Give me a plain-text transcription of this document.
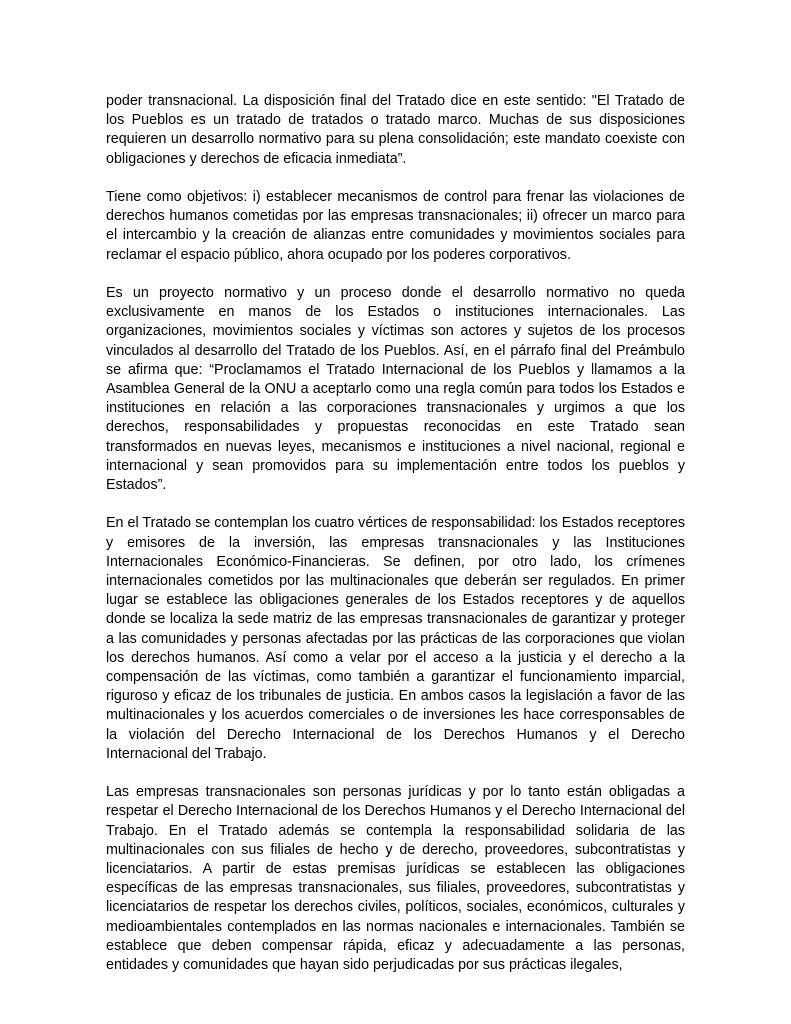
poder transnacional. La disposición final del Tratado dice en este sentido: "El Tratado de los Pueblos es un tratado de tratados o tratado marco. Muchas de sus disposiciones requieren un desarrollo normativo para su plena consolidación; este mandato coexiste con obligaciones y derechos de eficacia inmediata”.

Tiene como objetivos: i) establecer mecanismos de control para frenar las violaciones de derechos humanos cometidas por las empresas transnacionales; ii) ofrecer un marco para el intercambio y la creación de alianzas entre comunidades y movimientos sociales para reclamar el espacio público, ahora ocupado por los poderes corporativos.

Es un proyecto normativo y un proceso donde el desarrollo normativo no queda exclusivamente en manos de los Estados o instituciones internacionales. Las organizaciones, movimientos sociales y víctimas son actores y sujetos de los procesos vinculados al desarrollo del Tratado de los Pueblos. Así, en el párrafo final del Preámbulo se afirma que: “Proclamamos el Tratado Internacional de los Pueblos y llamamos a la Asamblea General de la ONU a aceptarlo como una regla común para todos los Estados e instituciones en relación a las corporaciones transnacionales y urgimos a que los derechos, responsabilidades y propuestas reconocidas en este Tratado sean transformados en nuevas leyes, mecanismos e instituciones a nivel nacional, regional e internacional y sean promovidos para su implementación entre todos los pueblos y Estados”.

En el Tratado se contemplan los cuatro vértices de responsabilidad: los Estados receptores y emisores de la inversión, las empresas transnacionales y las Instituciones Internacionales Económico-Financieras. Se definen, por otro lado, los crímenes internacionales cometidos por las multinacionales que deberán ser regulados. En primer lugar se establece las obligaciones generales de los Estados receptores y de aquellos donde se localiza la sede matriz de las empresas transnacionales de garantizar y proteger a las comunidades y personas afectadas por las prácticas de las corporaciones que violan los derechos humanos. Así como a velar por el acceso a la justicia y el derecho a la compensación de las víctimas, como también a garantizar el funcionamiento imparcial, riguroso y eficaz de los tribunales de justicia. En ambos casos la legislación a favor de las multinacionales y los acuerdos comerciales o de inversiones les hace corresponsables de la violación del Derecho Internacional de los Derechos Humanos y el Derecho Internacional del Trabajo.

Las empresas transnacionales son personas jurídicas y por lo tanto están obligadas a respetar el Derecho Internacional de los Derechos Humanos y el Derecho Internacional del Trabajo. En el Tratado además se contempla la responsabilidad solidaria de las multinacionales con sus filiales de hecho y de derecho, proveedores, subcontratistas y licenciatarios. A partir de estas premisas jurídicas se establecen las obligaciones específicas de las empresas transnacionales, sus filiales, proveedores, subcontratistas y licenciatarios de respetar los derechos civiles, políticos, sociales, económicos, culturales y medioambientales contemplados en las normas nacionales e internacionales. También se establece que deben compensar rápida, eficaz y adecuadamente a las personas, entidades y comunidades que hayan sido perjudicadas por sus prácticas ilegales,
